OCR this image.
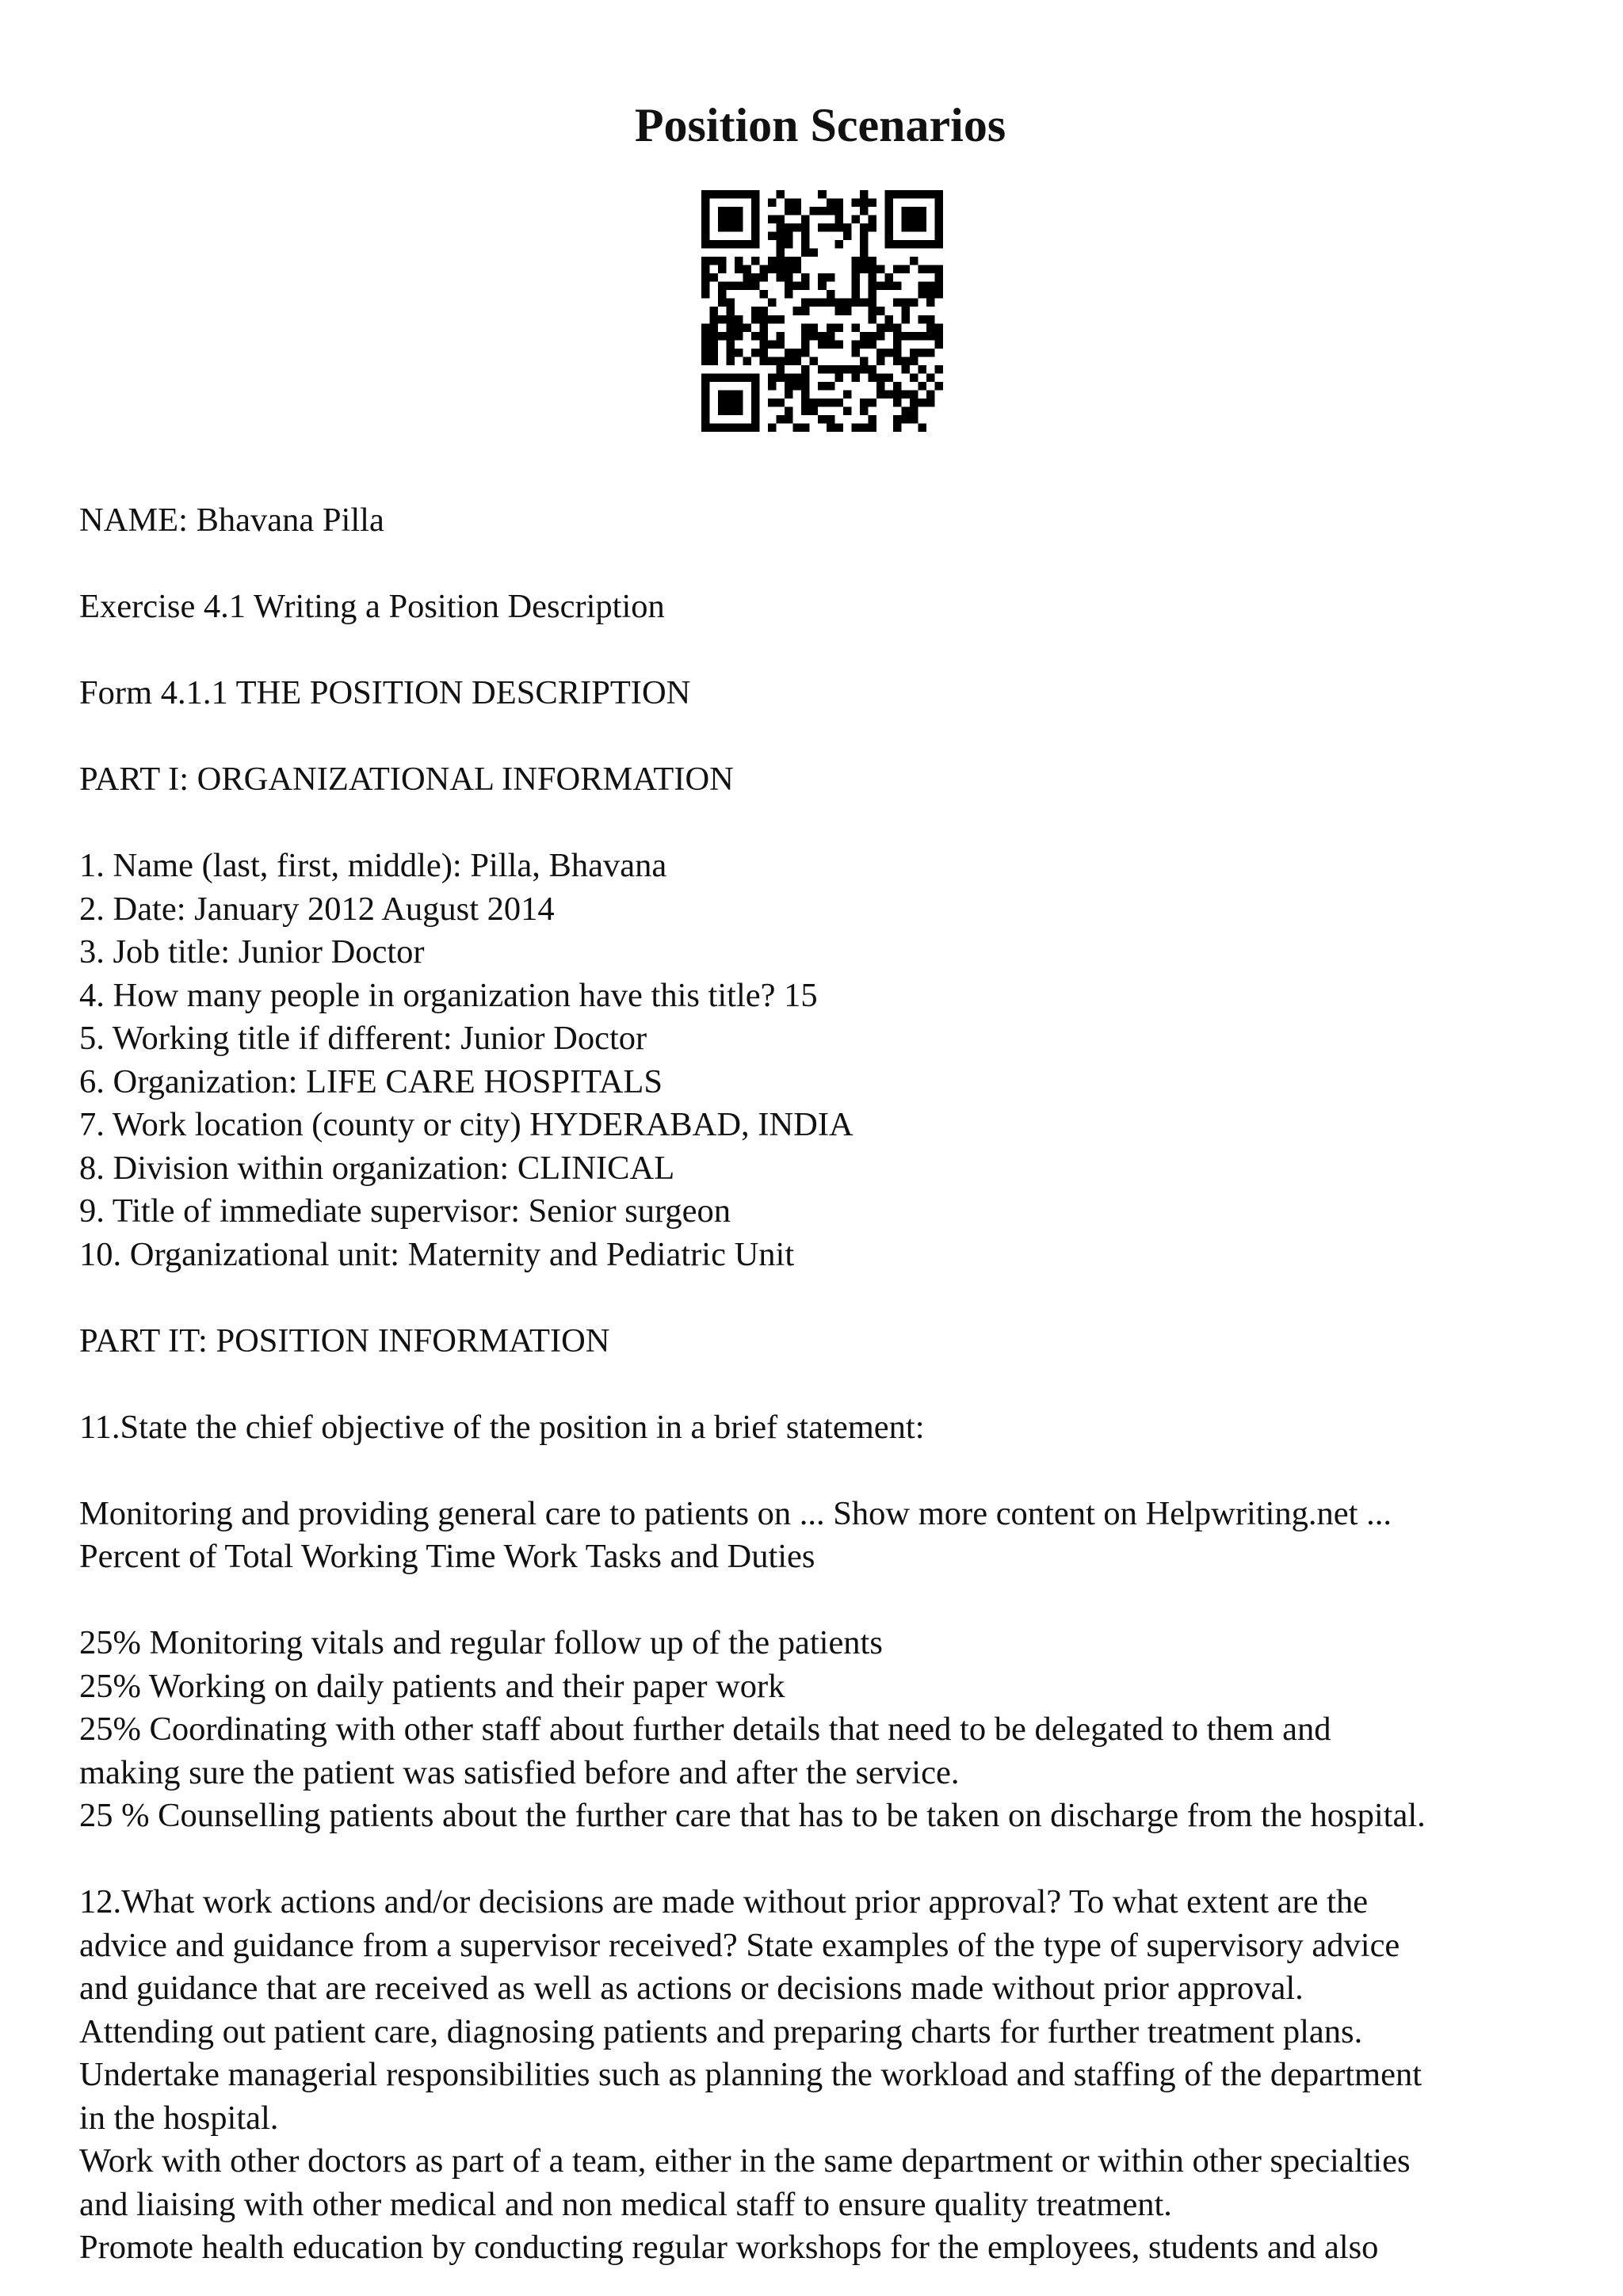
Position Scenarios

NAME: Bhavana Pilla

Exercise 4.1 Writing a Position Description

Form 4.1.1 THE POSITION DESCRIPTION

PART I: ORGANIZATIONAL INFORMATION

1. Name (last, first, middle): Pilla, Bhavana
2. Date: January 2012 August 2014
3. Job title: Junior Doctor
4. How many people in organization have this title? 15
5. Working title if different: Junior Doctor
6. Organization: LIFE CARE HOSPITALS
7. Work location (county or city) HYDERABAD, INDIA
8. Division within organization: CLINICAL
9. Title of immediate supervisor: Senior surgeon
10. Organizational unit: Maternity and Pediatric Unit

PART IT: POSITION INFORMATION

11.State the chief objective of the position in a brief statement:

Monitoring and providing general care to patients on ... Show more content on Helpwriting.net ...
Percent of Total Working Time Work Tasks and Duties

25% Monitoring vitals and regular follow up of the patients
25% Working on daily patients and their paper work
25% Coordinating with other staff about further details that need to be delegated to them and
making sure the patient was satisfied before and after the service.
25 % Counselling patients about the further care that has to be taken on discharge from the hospital.

12.What work actions and/or decisions are made without prior approval? To what extent are the
advice and guidance from a supervisor received? State examples of the type of supervisory advice
and guidance that are received as well as actions or decisions made without prior approval.
Attending out patient care, diagnosing patients and preparing charts for further treatment plans.
Undertake managerial responsibilities such as planning the workload and staffing of the department
in the hospital.
Work with other doctors as part of a team, either in the same department or within other specialties
and liaising with other medical and non medical staff to ensure quality treatment.
Promote health education by conducting regular workshops for the employees, students and also
